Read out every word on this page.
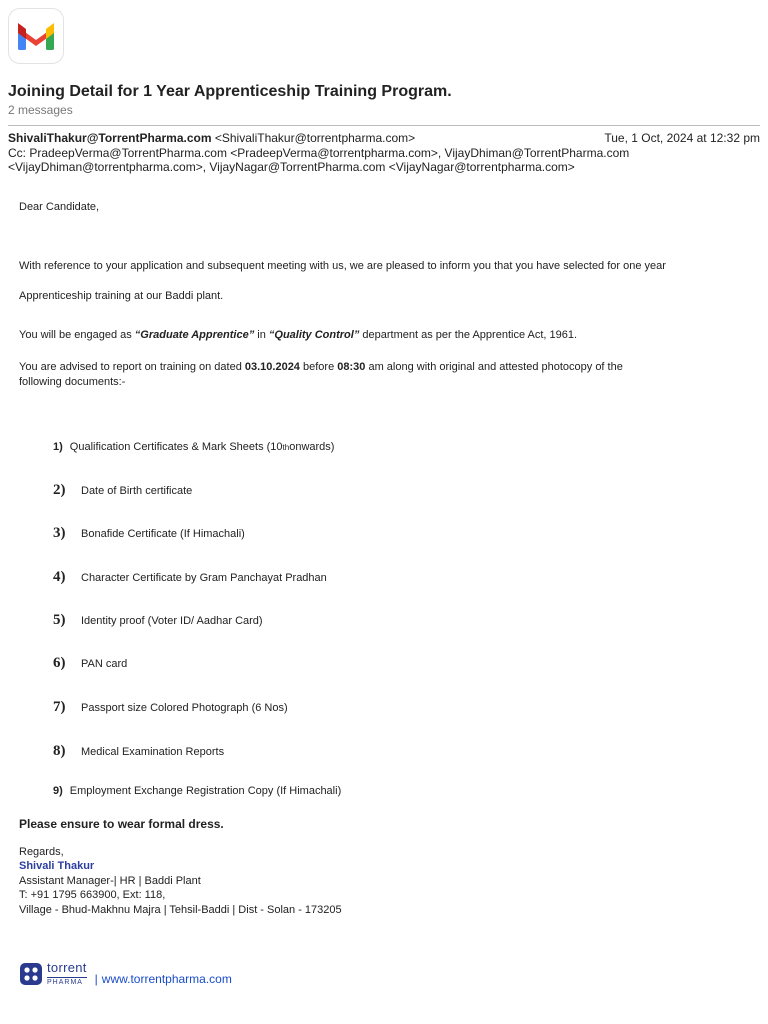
Joining Detail for 1 Year Apprenticeship Training Program.
2 messages
ShivaliThakur@TorrentPharma.com <ShivaliThakur@torrentpharma.com>	Tue, 1 Oct, 2024 at 12:32 pm
Cc: PradeepVerma@TorrentPharma.com <PradeepVerma@torrentpharma.com>, VijayDhiman@TorrentPharma.com
<VijayDhiman@torrentpharma.com>, VijayNagar@TorrentPharma.com <VijayNagar@torrentpharma.com>
Dear Candidate,
With reference to your application and subsequent meeting with us, we are pleased to inform you that you have selected for one year
Apprenticeship training at our Baddi plant.
You will be engaged as “Graduate Apprentice” in “Quality Control” department as per the Apprentice Act, 1961.
You are advised to report on training on dated 03.10.2024 before 08:30 am along with original and attested photocopy of the
following documents:-
1) Qualification Certificates & Mark Sheets (10 th onwards)
2)	Date of Birth certificate
3)	Bonafide Certificate (If Himachali)
4)	Character Certificate by Gram Panchayat Pradhan
5)	Identity proof (Voter ID/ Aadhar Card)
6)	PAN card
7)	Passport size Colored Photograph (6 Nos)
8)	Medical Examination Reports
9) Employment Exchange Registration Copy (If Himachali)
Please ensure to wear formal dress.
Regards,
Shivali Thakur
Assistant Manager-| HR | Baddi Plant
T: +91 1795 663900, Ext: 118,
Village - Bhud-Makhnu Majra | Tehsil-Baddi | Dist - Solan - 173205
torrent
PHARMA | www.torrentpharma.com
